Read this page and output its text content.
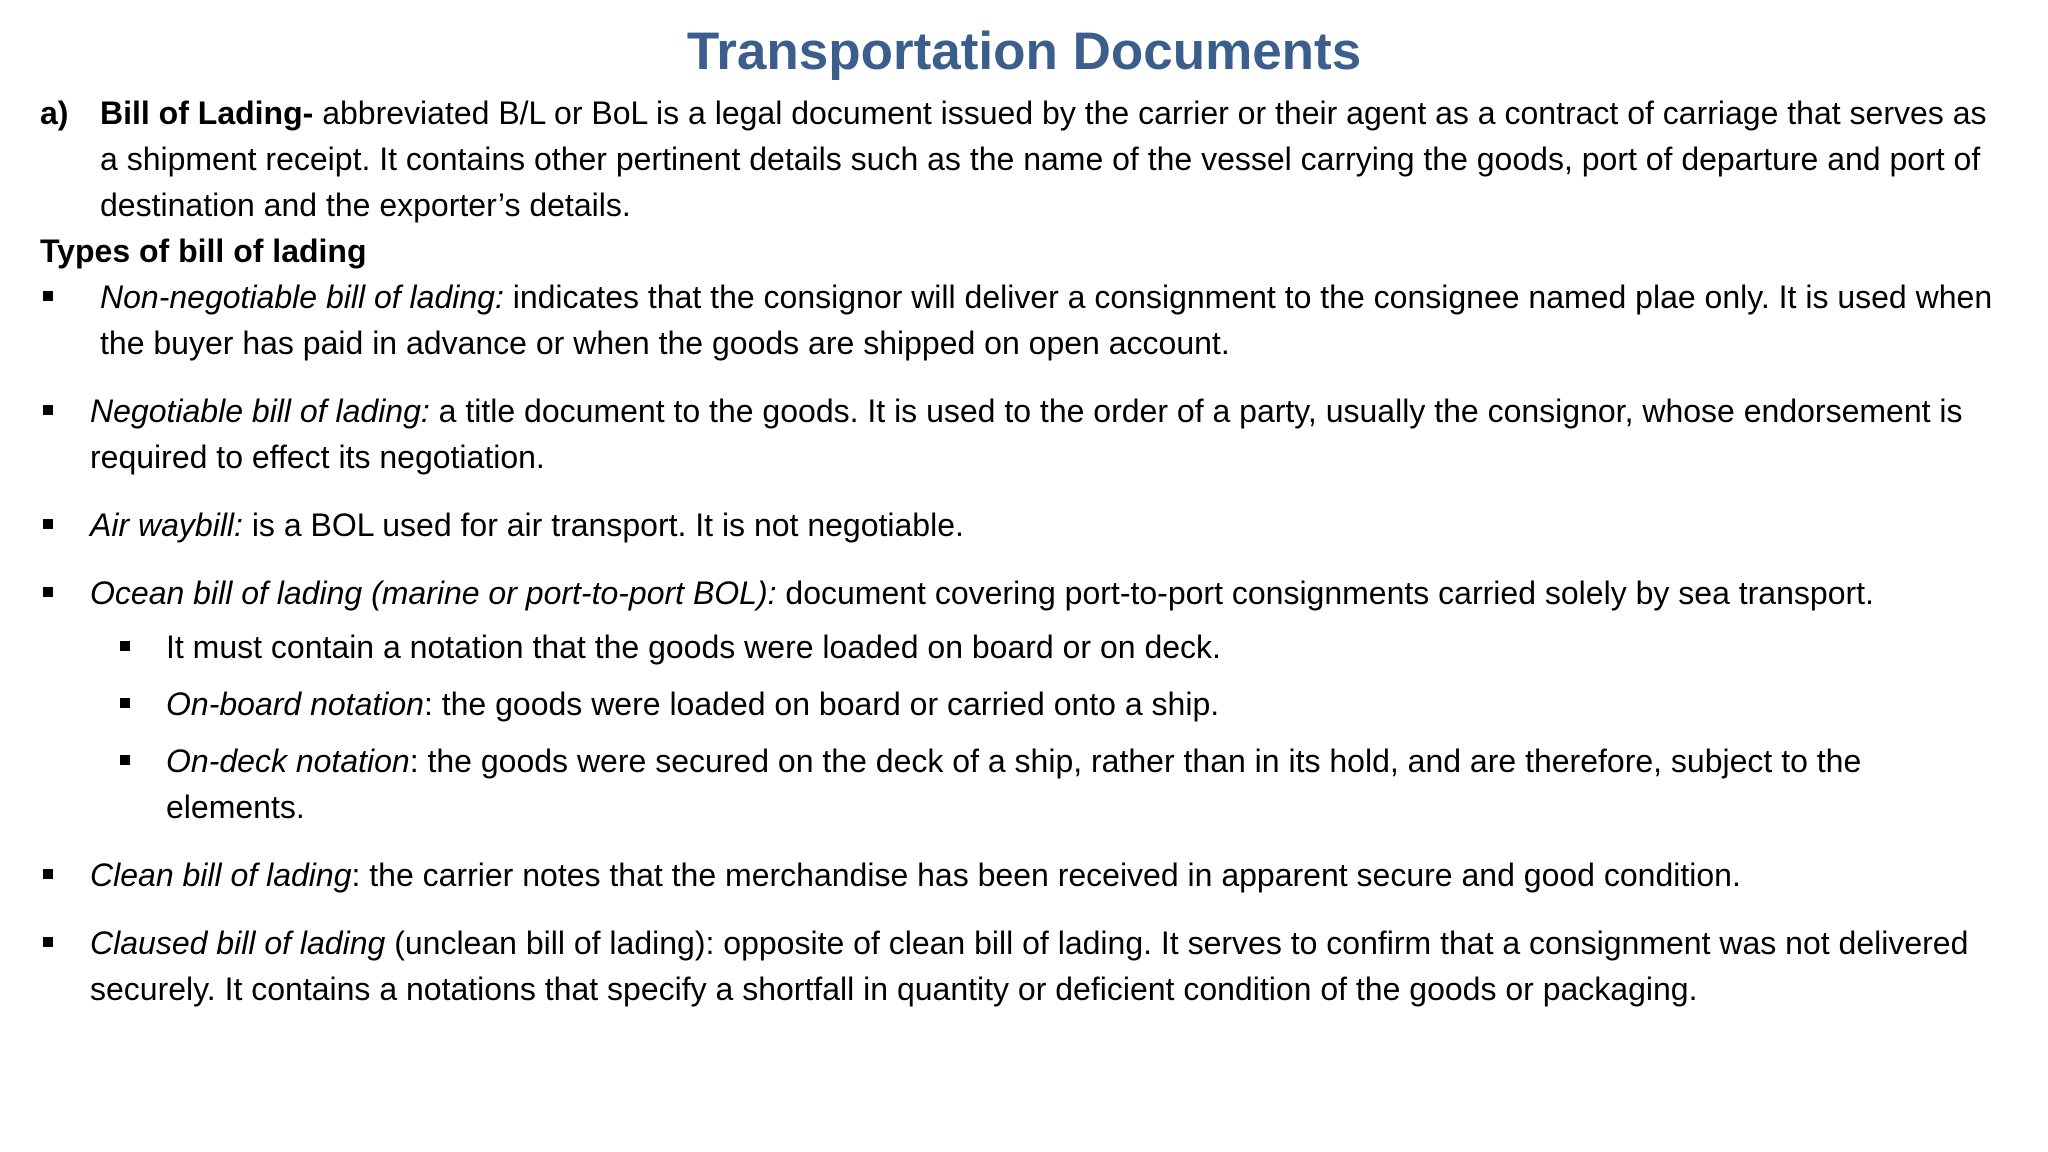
Transportation Documents

a) Bill of Lading- abbreviated B/L or BoL is a legal document issued by the carrier or their agent as a contract of carriage that serves as a shipment receipt. It contains other pertinent details such as the name of the vessel carrying the goods, port of departure and port of destination and the exporter’s details.

Types of bill of lading

Non-negotiable bill of lading: indicates that the consignor will deliver a consignment to the consignee named plae only. It is used when the buyer has paid in advance or when the goods are shipped on open account.
Negotiable bill of lading: a title document to the goods. It is used to the order of a party, usually the consignor, whose endorsement is required to effect its negotiation.
Air waybill: is a BOL used for air transport. It is not negotiable.
Ocean bill of lading (marine or port-to-port BOL): document covering port-to-port consignments carried solely by sea transport.
It must contain a notation that the goods were loaded on board or on deck.
On-board notation: the goods were loaded on board or carried onto a ship.
On-deck notation: the goods were secured on the deck of a ship, rather than in its hold, and are therefore, subject to the elements.
Clean bill of lading: the carrier notes that the merchandise has been received in apparent secure and good condition.
Claused bill of lading (unclean bill of lading): opposite of clean bill of lading. It serves to confirm that a consignment was not delivered securely. It contains a notations that specify a shortfall in quantity or deficient condition of the goods or packaging.
